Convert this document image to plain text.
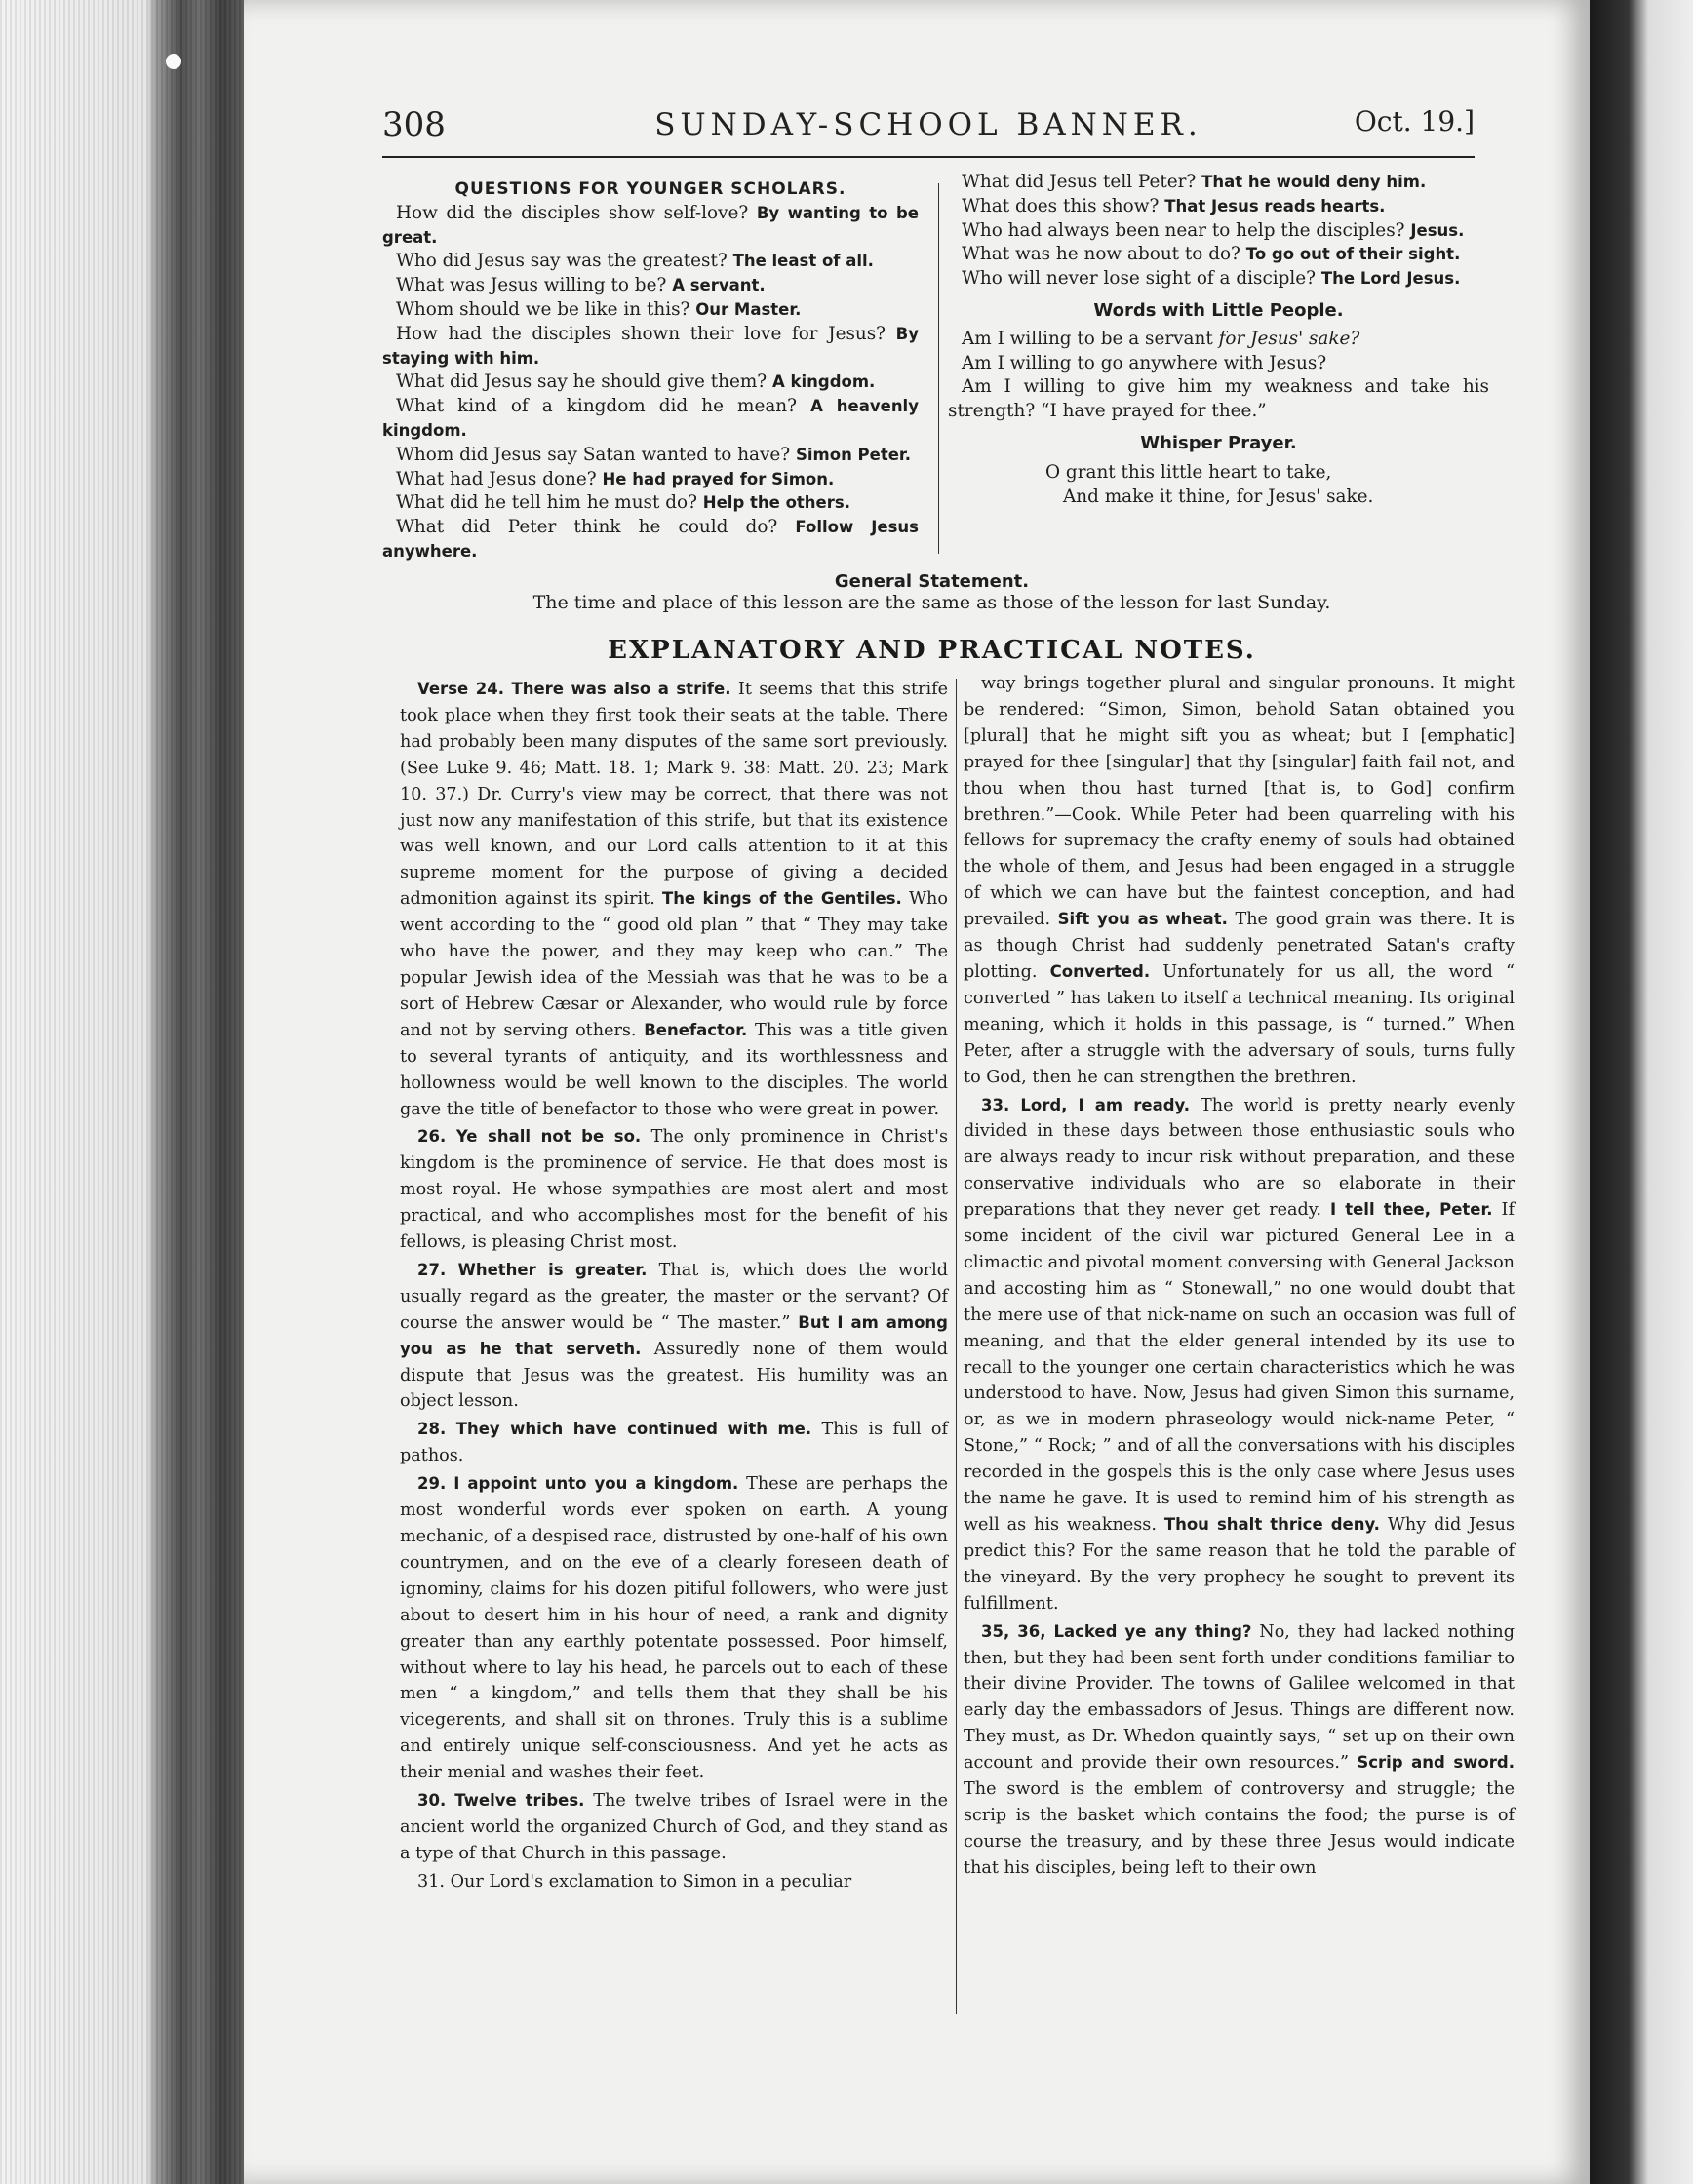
308	SUNDAY-SCHOOL BANNER.	Oct. 19.]
QUESTIONS FOR YOUNGER SCHOLARS.

How did the disciples show self-love? By wanting to be great.

Who did Jesus say was the greatest? The least of all.

What was Jesus willing to be? A servant.

Whom should we be like in this? Our Master.

How had the disciples shown their love for Jesus? By staying with him.

What did Jesus say he should give them? A kingdom.

What kind of a kingdom did he mean? A heavenly kingdom.

Whom did Jesus say Satan wanted to have? Simon Peter.

What had Jesus done? He had prayed for Simon.

What did he tell him he must do? Help the others.

What did Peter think he could do? Follow Jesus anywhere.

What did Jesus tell Peter? That he would deny him.

What does this show? That Jesus reads hearts.

Who had always been near to help the disciples? Jesus.

What was he now about to do? To go out of their sight.

Who will never lose sight of a disciple? The Lord Jesus.

Words with Little People.

Am I willing to be a servant for Jesus' sake?

Am I willing to go anywhere with Jesus?

Am I willing to give him my weakness and take his strength? “I have prayed for thee.”

Whisper Prayer.
O grant this little heart to take,
And make it thine, for Jesus' sake.
General Statement.
The time and place of this lesson are the same as those of the lesson for last Sunday.
EXPLANATORY AND PRACTICAL NOTES.

Verse 24. There was also a strife. It seems that this strife took place when they first took their seats at the table. There had probably been many disputes of the same sort previously. (See Luke 9. 46; Matt. 18. 1; Mark 9. 38: Matt. 20. 23; Mark 10. 37.) Dr. Curry's view may be correct, that there was not just now any manifestation of this strife, but that its existence was well known, and our Lord calls attention to it at this supreme moment for the purpose of giving a decided admonition against its spirit. The kings of the Gentiles. Who went according to the “ good old plan ” that “ They may take who have the power, and they may keep who can.” The popular Jewish idea of the Messiah was that he was to be a sort of Hebrew Cæsar or Alexander, who would rule by force and not by serving others. Benefactor. This was a title given to several tyrants of antiquity, and its worthlessness and hollowness would be well known to the disciples. The world gave the title of benefactor to those who were great in power.

26. Ye shall not be so. The only prominence in Christ's kingdom is the prominence of service. He that does most is most royal. He whose sympathies are most alert and most practical, and who accomplishes most for the benefit of his fellows, is pleasing Christ most.

27. Whether is greater. That is, which does the world usually regard as the greater, the master or the servant? Of course the answer would be “ The master.” But I am among you as he that serveth. Assuredly none of them would dispute that Jesus was the greatest. His humility was an object lesson.

28. They which have continued with me. This is full of pathos.

29. I appoint unto you a kingdom. These are perhaps the most wonderful words ever spoken on earth. A young mechanic, of a despised race, distrusted by one-half of his own countrymen, and on the eve of a clearly foreseen death of ignominy, claims for his dozen pitiful followers, who were just about to desert him in his hour of need, a rank and dignity greater than any earthly potentate possessed. Poor himself, without where to lay his head, he parcels out to each of these men “ a kingdom,” and tells them that they shall be his vicegerents, and shall sit on thrones. Truly this is a sublime and entirely unique self-consciousness. And yet he acts as their menial and washes their feet.

30. Twelve tribes. The twelve tribes of Israel were in the ancient world the organized Church of God, and they stand as a type of that Church in this passage.

31. Our Lord's exclamation to Simon in a peculiar

way brings together plural and singular pronouns. It might be rendered: “Simon, Simon, behold Satan obtained you [plural] that he might sift you as wheat; but I [emphatic] prayed for thee [singular] that thy [singular] faith fail not, and thou when thou hast turned [that is, to God] confirm brethren.”—Cook. While Peter had been quarreling with his fellows for supremacy the crafty enemy of souls had obtained the whole of them, and Jesus had been engaged in a struggle of which we can have but the faintest conception, and had prevailed. Sift you as wheat. The good grain was there. It is as though Christ had suddenly penetrated Satan's crafty plotting. Converted. Unfortunately for us all, the word “ converted ” has taken to itself a technical meaning. Its original meaning, which it holds in this passage, is “ turned.” When Peter, after a struggle with the adversary of souls, turns fully to God, then he can strengthen the brethren.

33. Lord, I am ready. The world is pretty nearly evenly divided in these days between those enthusiastic souls who are always ready to incur risk without preparation, and these conservative individuals who are so elaborate in their preparations that they never get ready. I tell thee, Peter. If some incident of the civil war pictured General Lee in a climactic and pivotal moment conversing with General Jackson and accosting him as “ Stonewall,” no one would doubt that the mere use of that nick-name on such an occasion was full of meaning, and that the elder general intended by its use to recall to the younger one certain characteristics which he was understood to have. Now, Jesus had given Simon this surname, or, as we in modern phraseology would nick-name Peter, “ Stone,” “ Rock; ” and of all the conversations with his disciples recorded in the gospels this is the only case where Jesus uses the name he gave. It is used to remind him of his strength as well as his weakness. Thou shalt thrice deny. Why did Jesus predict this? For the same reason that he told the parable of the vineyard. By the very prophecy he sought to prevent its fulfillment.

35, 36, Lacked ye any thing? No, they had lacked nothing then, but they had been sent forth under conditions familiar to their divine Provider. The towns of Galilee welcomed in that early day the embassadors of Jesus. Things are different now. They must, as Dr. Whedon quaintly says, “ set up on their own account and provide their own resources.” Scrip and sword. The sword is the emblem of controversy and struggle; the scrip is the basket which contains the food; the purse is of course the treasury, and by these three Jesus would indicate that his disciples, being left to their own
